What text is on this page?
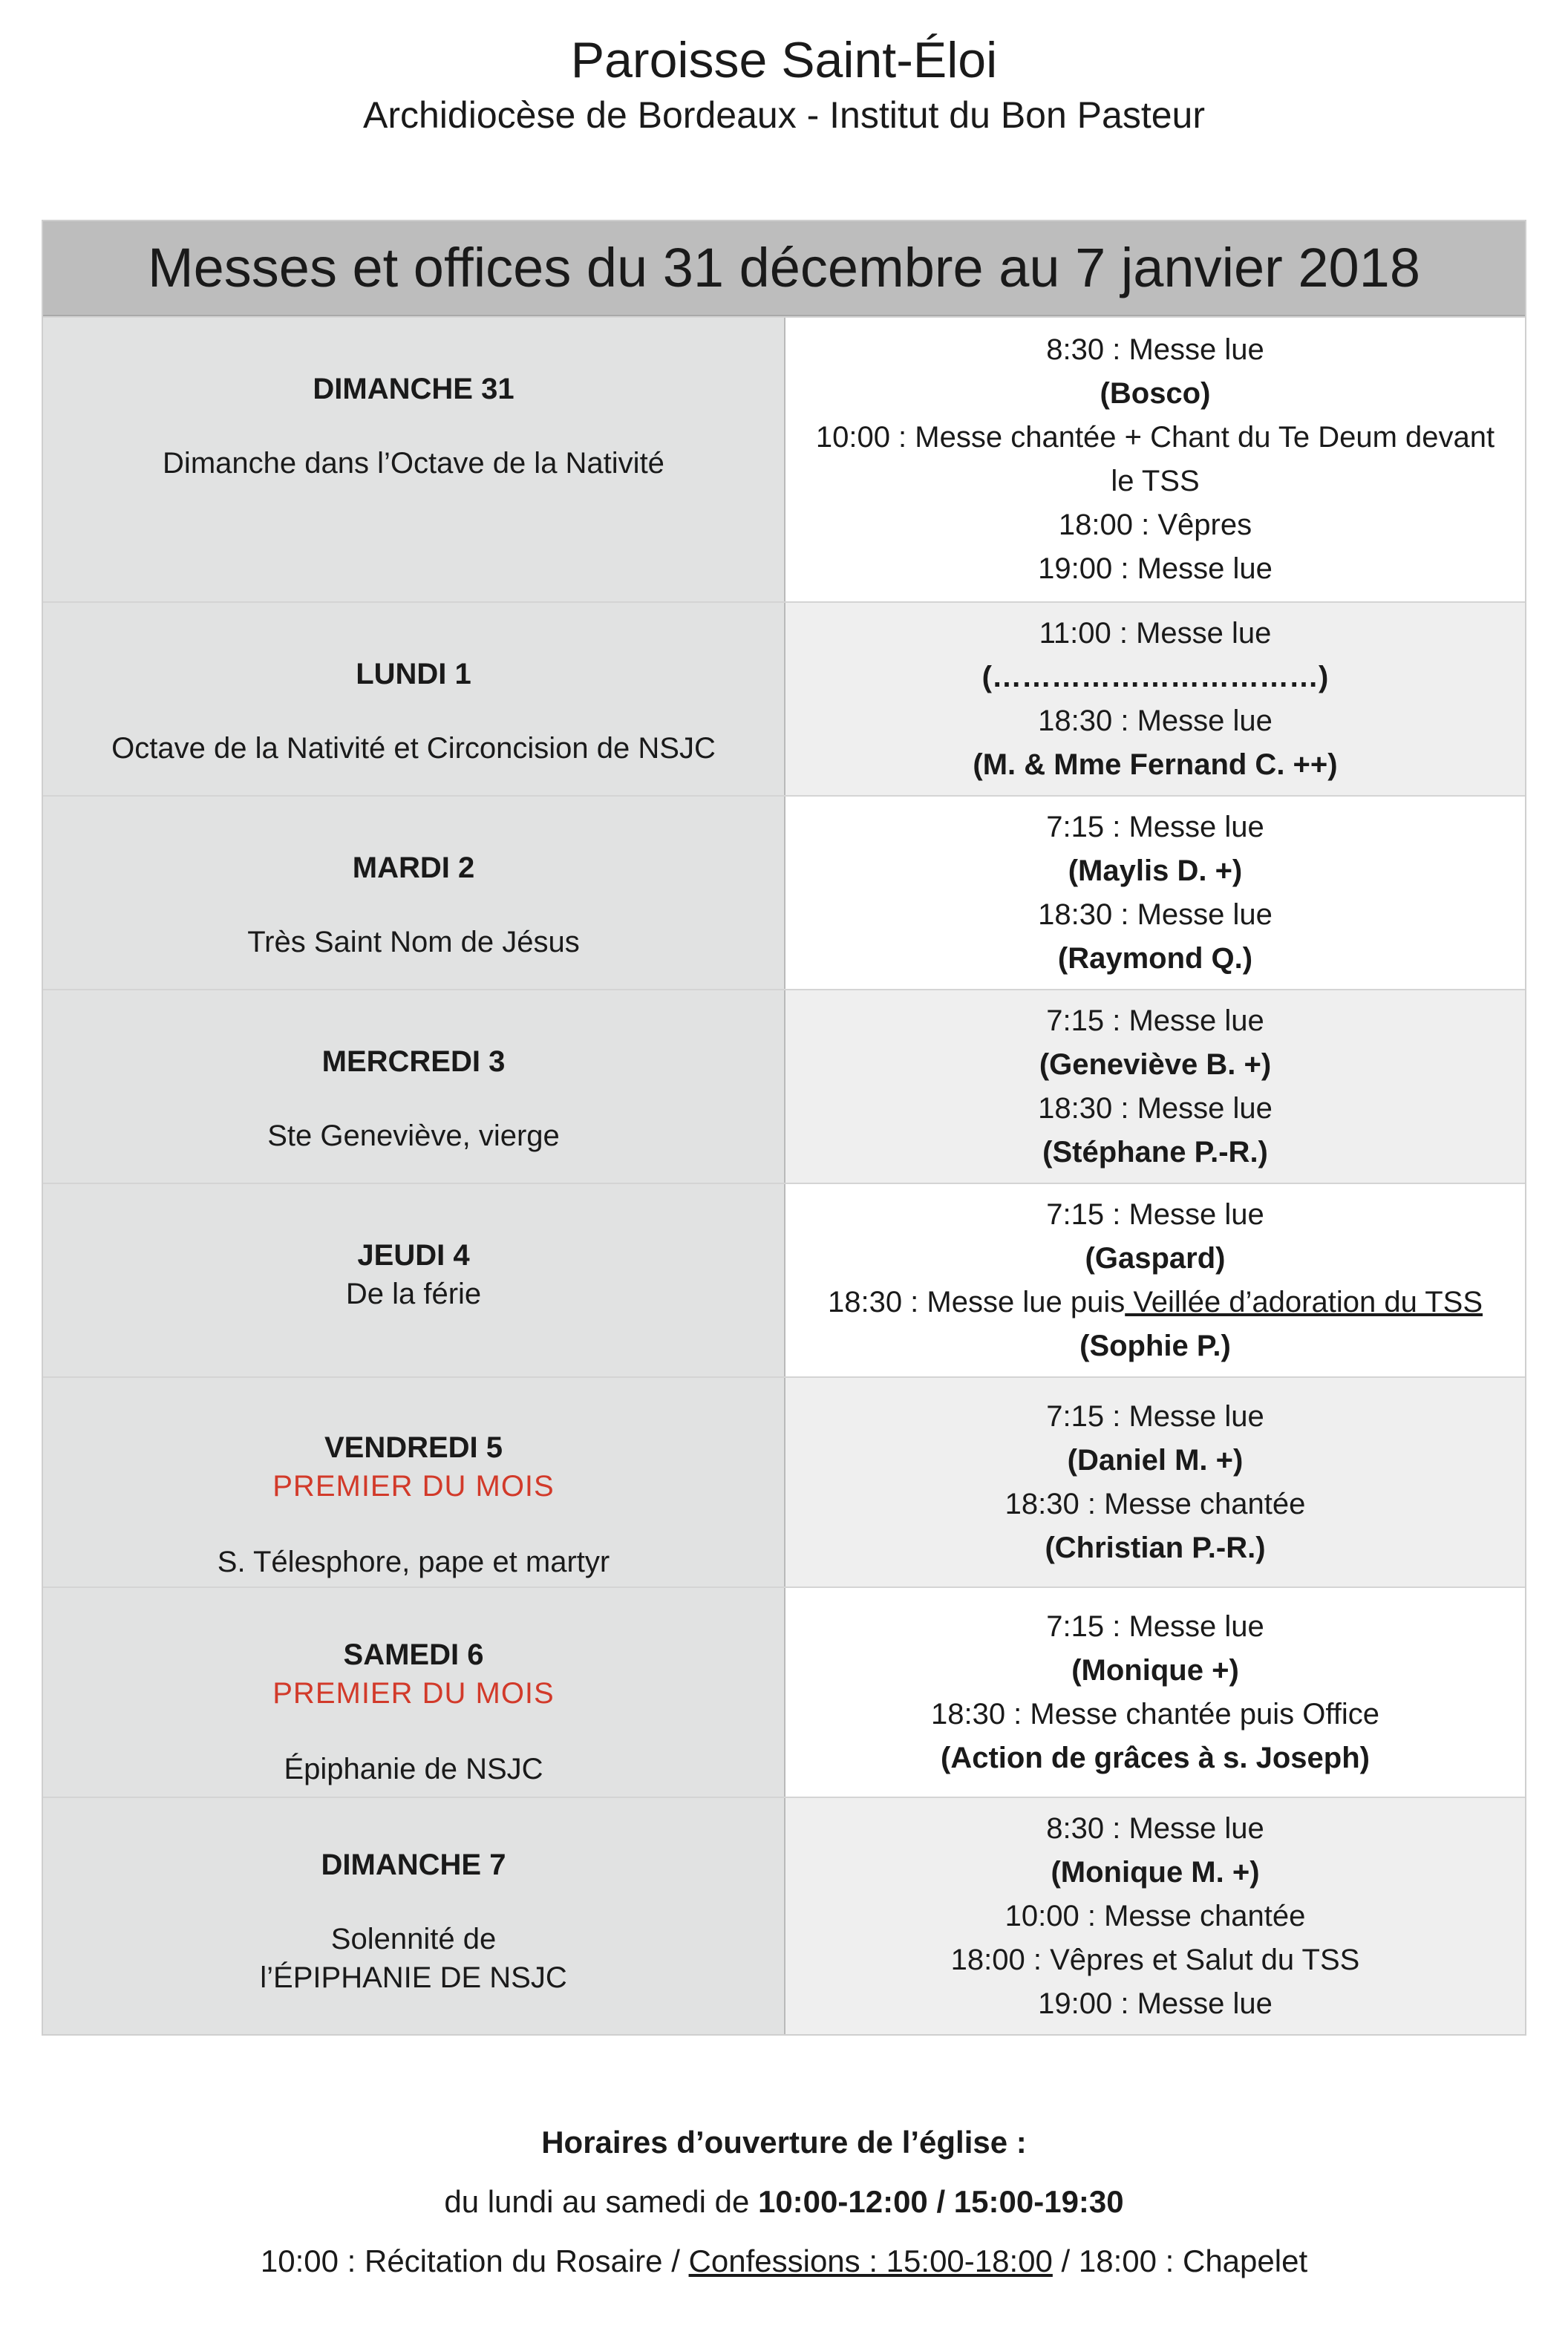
Paroisse Saint-Éloi
Archidiocèse de Bordeaux - Institut du Bon Pasteur
Messes et offices du 31 décembre au 7 janvier 2018
DIMANCHE 31
Dimanche dans l’Octave de la Nativité
8:30 : Messe lue
(Bosco)
10:00 : Messe chantée + Chant du Te Deum devant
le TSS
18:00 : Vêpres
19:00 : Messe lue
LUNDI 1
Octave de la Nativité et Circoncision de NSJC
11:00 : Messe lue
(……………………………)
18:30 : Messe lue
(M. & Mme Fernand C. ++)
MARDI 2
Très Saint Nom de Jésus
7:15 : Messe lue
(Maylis D. +)
18:30 : Messe lue
(Raymond Q.)
MERCREDI 3
Ste Geneviève, vierge
7:15 : Messe lue
(Geneviève B. +)
18:30 : Messe lue
(Stéphane P.-R.)
JEUDI 4
De la férie
7:15 : Messe lue
(Gaspard)
18:30 : Messe lue puis Veillée d’adoration du TSS
(Sophie P.)
VENDREDI 5
PREMIER DU MOIS
S. Télesphore, pape et martyr
7:15 : Messe lue
(Daniel M. +)
18:30 : Messe chantée
(Christian P.-R.)
SAMEDI 6
PREMIER DU MOIS
Épiphanie de NSJC
7:15 : Messe lue
(Monique +)
18:30 : Messe chantée puis Office
(Action de grâces à s. Joseph)
DIMANCHE 7
Solennité de
l’ÉPIPHANIE DE NSJC
8:30 : Messe lue
(Monique M. +)
10:00 : Messe chantée
18:00 : Vêpres et Salut du TSS
19:00 : Messe lue
Horaires d’ouverture de l’église :
du lundi au samedi de 10:00-12:00 / 15:00-19:30
10:00 : Récitation du Rosaire / Confessions : 15:00-18:00 / 18:00 : Chapelet
